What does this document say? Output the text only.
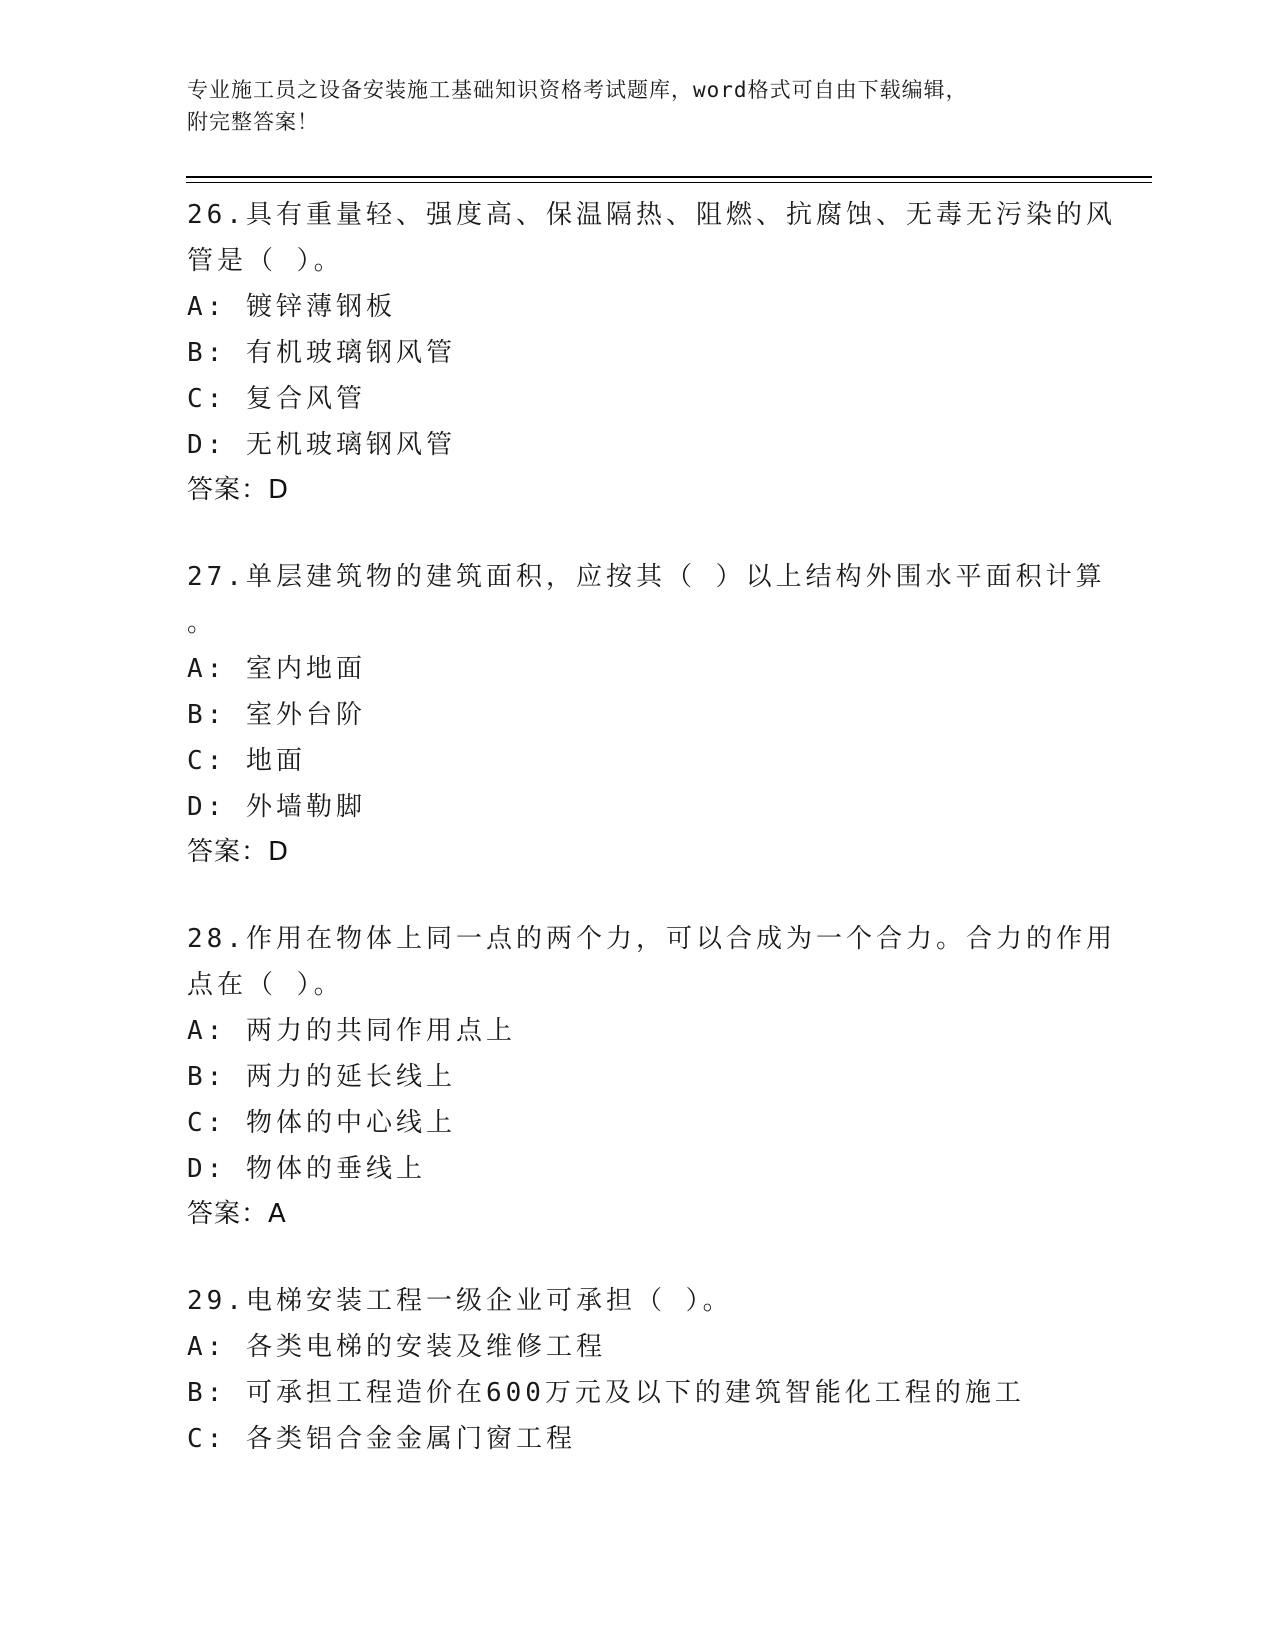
专业施工员之设备安装施工基础知识资格考试题库，word格式可自由下载编辑，
附完整答案！
26.具有重量轻、强度高、保温隔热、阻燃、抗腐蚀、无毒无污染的风
管是（ ）。
A: 镀锌薄钢板
B: 有机玻璃钢风管
C: 复合风管
D: 无机玻璃钢风管
答案：D
27.单层建筑物的建筑面积，应按其（ ）以上结构外围水平面积计算
。
A: 室内地面
B: 室外台阶
C: 地面
D: 外墙勒脚
答案：D
28.作用在物体上同一点的两个力，可以合成为一个合力。合力的作用
点在（ ）。
A: 两力的共同作用点上
B: 两力的延长线上
C: 物体的中心线上
D: 物体的垂线上
答案：A
29.电梯安装工程一级企业可承担（ ）。
A: 各类电梯的安装及维修工程
B: 可承担工程造价在600万元及以下的建筑智能化工程的施工
C: 各类铝合金金属门窗工程
